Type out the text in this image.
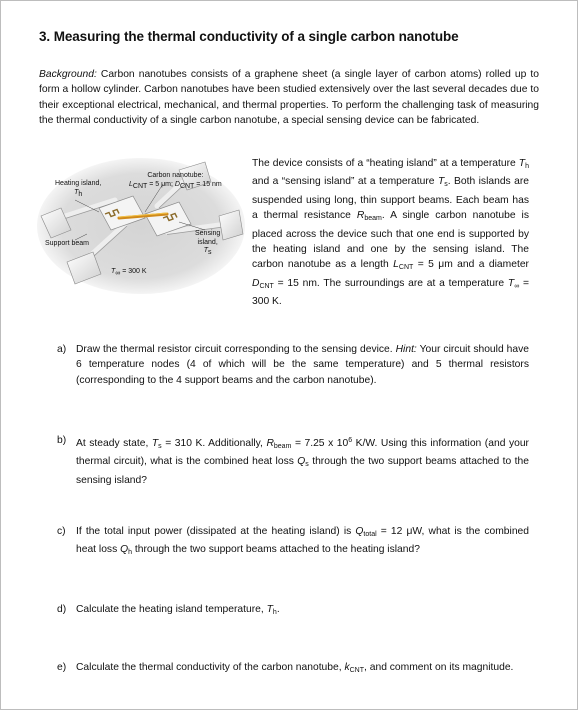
3. Measuring the thermal conductivity of a single carbon nanotube

Background: Carbon nanotubes consists of a graphene sheet (a single layer of carbon atoms) rolled up to form a hollow cylinder. Carbon nanotubes have been studied extensively over the last several decades due to their exceptional electrical, mechanical, and thermal properties. To perform the challenging task of measuring the thermal conductivity of a single carbon nanotube, a special sensing device can be fabricated.

Heating island,
$T_h$
Carbon nanotube:
$L_{CNT} = 5$ μm; $D_{CNT} = 15$ nm
Sensing
island,
$T_s$
Support beam
$T_\infty = 300$ K

The device consists of a “heating island” at a temperature $T_h$ and a “sensing island” at a temperature $T_s$. Both islands are suspended using long, thin support beams. Each beam has a thermal resistance $R_{beam}$. A single carbon nanotube is placed across the device such that one end is supported by the heating island and one by the sensing island. The carbon nanotube as a length $L_{CNT} = 5$ μm and a diameter $D_{CNT} = 15$ nm. The surroundings are at a temperature $T_\infty = 300$ K.

a) Draw the thermal resistor circuit corresponding to the sensing device. Hint: Your circuit should have 6 temperature nodes (4 of which will be the same temperature) and 5 thermal resistors (corresponding to the 4 support beams and the carbon nanotube).
b) At steady state, $T_s = 310$ K. Additionally, $R_{beam} = 7.25$ x $10^6$ K/W. Using this information (and your thermal circuit), what is the combined heat loss $Q_s$ through the two support beams attached to the sensing island?
c) If the total input power (dissipated at the heating island) is $Q_{total} = 12$ μW, what is the combined heat loss $Q_h$ through the two support beams attached to the heating island?
d) Calculate the heating island temperature, $T_h$.
e) Calculate the thermal conductivity of the carbon nanotube, $k_{CNT}$, and comment on its magnitude.
